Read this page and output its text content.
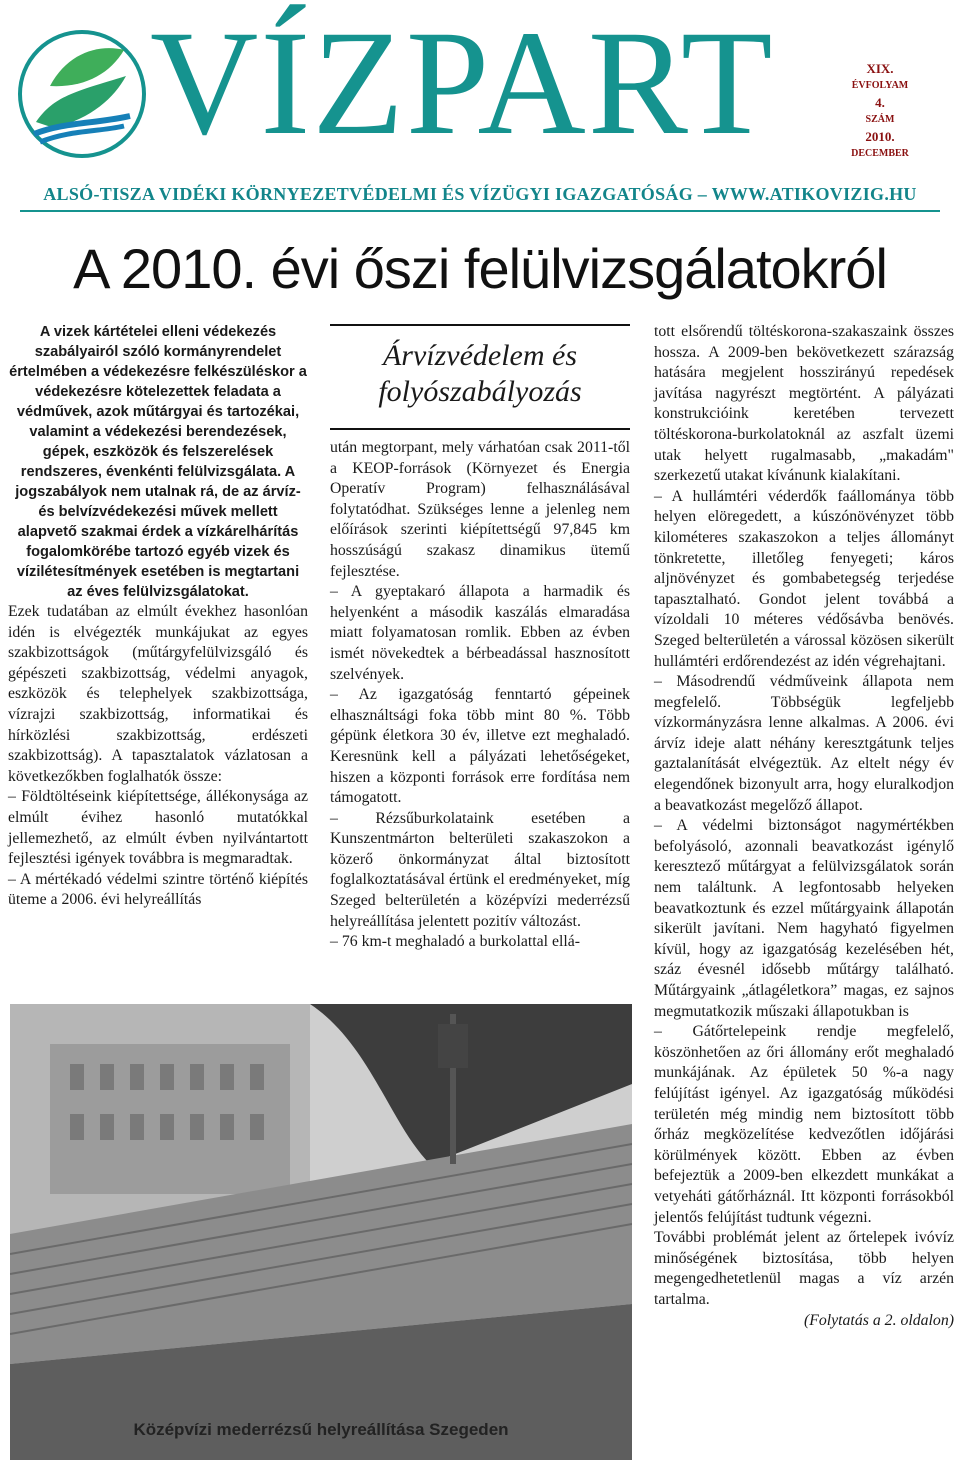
VÍZPART	XIX.
ÉVFOLYAM
4.
SZÁM
2010.
DECEMBER
ALSÓ-TISZA VIDÉKI KÖRNYEZETVÉDELMI ÉS VÍZÜGYI IGAZGATÓSÁG – WWW.ATIKOVIZIG.HU
A 2010. évi őszi felülvizsgálatokról

A vizek kártételei elleni védekezés szabályairól szóló kormányrendelet értelmében a védekezésre felkészüléskor a védekezésre kötelezettek feladata a védművek, azok műtárgyai és tartozékai, valamint a védekezési berendezések, gépek, eszközök és felszerelések rendszeres, évenkénti felülvizsgálata. A jogszabályok nem utalnak rá, de az árvíz- és belvízvédekezési művek mellett alapvető szakmai érdek a vízkárelhárítás fogalomkörébe tartozó egyéb vizek és vízilétesítmények esetében is megtartani az éves felülvizsgálatokat.

Ezek tudatában az elmúlt évekhez hasonlóan idén is elvégezték munkájukat az egyes szakbizottságok (műtárgyfelülvizsgáló és gépészeti szakbizottság, védelmi anyagok, eszközök és telephelyek szakbizottsága, vízrajzi szakbizottság, informatikai és hírközlési szakbizottság, erdészeti szakbizottság). A tapasztalatok vázlatosan a következőkben foglalhatók össze:

– Földtöltéseink kiépítettsége, állékonysága az elmúlt évihez hasonló mutatókkal jellemezhető, az elmúlt évben nyilvántartott fejlesztési igények továbbra is megmaradtak.

– A mértékadó védelmi szintre történő kiépítés üteme a 2006. évi helyreállítás

Árvízvédelem és folyószabályozás

után megtorpant, mely várhatóan csak 2011-től a KEOP-források (Környezet és Energia Operatív Program) felhasználásával folytatódhat. Szükséges lenne a jelenleg nem előírások szerinti kiépítettségű 97,845 km hosszúságú szakasz dinamikus ütemű fejlesztése.

– A gyeptakaró állapota a harmadik és helyenként a második kaszálás elmaradása miatt folyamatosan romlik. Ebben az évben ismét növekedtek a bérbeadással hasznosított szelvények.

– Az igazgatóság fenntartó gépeinek elhasználtsági foka több mint 80 %. Több gépünk életkora 30 év, illetve ezt meghaladó. Keresnünk kell a pályázati lehetőségeket, hiszen a központi források erre fordítása nem támogatott.

– Rézsűburkolataink esetében a Kunszentmárton belterületi szakaszokon a közerő önkormányzat által biztosított foglalkoztatásával értünk el eredményeket, míg Szeged belterületén a középvízi mederrézsű helyreállítása jelentett pozitív változást.

– 76 km-t meghaladó a burkolattal ellá-

tott elsőrendű töltéskorona-szakaszaink összes hossza. A 2009-ben bekövetkezett szárazság hatására megjelent hosszirányú repedések javítása nagyrészt megtörtént. A pályázati konstrukcióink keretében tervezett töltéskorona-burkolatoknál az aszfalt üzemi utak helyett rugalmasabb, „makadám" szerkezetű utakat kívánunk kialakítani.

– A hullámtéri véderdők faállománya több helyen elöregedett, a kúszónövényzet több kilométeres szakaszokon a teljes állományt tönkretette, illetőleg fenyegeti; káros aljnövényzet és gombabetegség terjedése tapasztalható. Gondot jelent továbbá a vízoldali 10 méteres védősávba benövés. Szeged belterületén a várossal közösen sikerült hullámtéri erdőrendezést az idén végrehajtani.

– Másodrendű védműveink állapota nem megfelelő. Többségük legfeljebb vízkormányzásra lenne alkalmas. A 2006. évi árvíz ideje alatt néhány keresztgátunk teljes gaztalanítását elvégeztük. Az eltelt négy év elegendőnek bizonyult arra, hogy eluralkodjon a beavatkozást megelőző állapot.

– A védelmi biztonságot nagymértékben befolyásoló, azonnali beavatkozást igénylő keresztező műtárgyat a felülvizsgálatok során nem találtunk. A legfontosabb helyeken beavatkoztunk és ezzel műtárgyaink állapotán sikerült javítani. Nem hagyható figyelmen kívül, hogy az igazgatóság kezelésében hét, száz évesnél idősebb műtárgy található. Műtárgyaink „átlagéletkora” magas, ez sajnos megmutatkozik műszaki állapotukban is

– Gátőrtelepeink rendje megfelelő, köszönhetően az őri állomány erőt meghaladó munkájának. Az épületek 50 %-a nagy felújítást igényel. Az igazgatóság működési területén még mindig nem biztosított több őrház megközelítése kedvezőtlen időjárási körülmények között. Ebben az évben befejeztük a 2009-ben elkezdett munkákat a vetyeháti gátőrháznál. Itt központi forrásokból jelentős felújítást tudtunk végezni.

További problémát jelent az őrtelepek ivóvíz minőségének biztosítása, több helyen megengedhetetlenül magas a víz arzén tartalma.

(Folytatás a 2. oldalon)

Középvízi mederrézsű helyreállítása Szegeden
